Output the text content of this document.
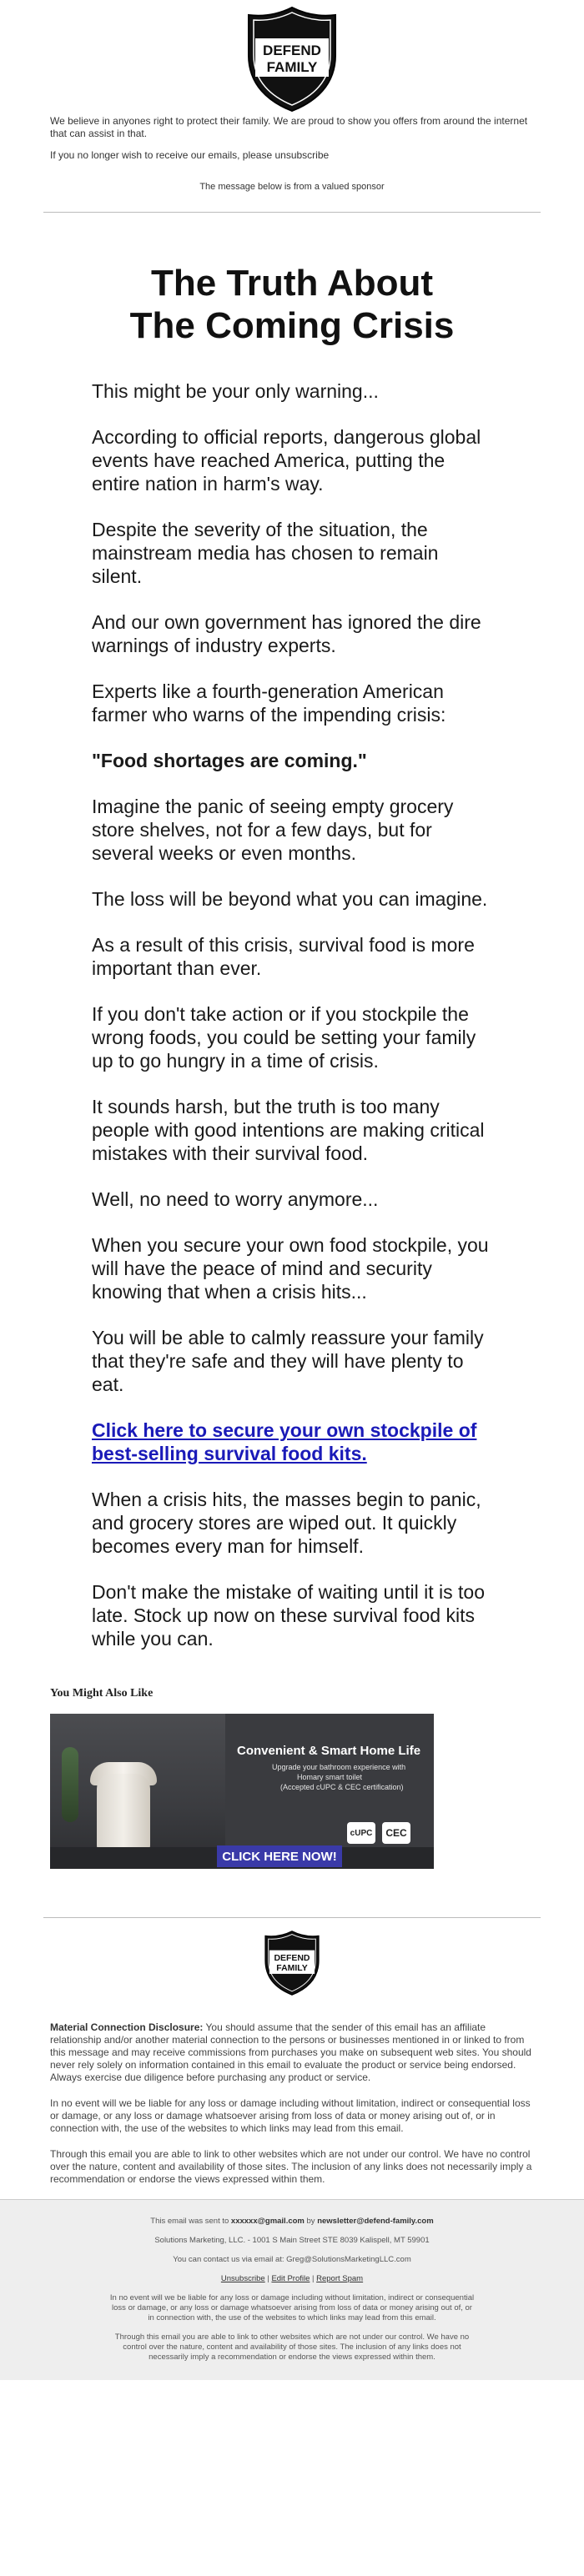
DEFEND
FAMILY

We believe in anyones right to protect their family. We are proud to show you offers from around the internet that can assist in that.

If you no longer wish to receive our emails, please unsubscribe

The message below is from a valued sponsor
The Truth About
The Coming Crisis

This might be your only warning...

According to official reports, dangerous global events have reached America, putting the entire nation in harm's way.

Despite the severity of the situation, the mainstream media has chosen to remain silent.

And our own government has ignored the dire warnings of industry experts.

Experts like a fourth-generation American farmer who warns of the impending crisis:

"Food shortages are coming."

Imagine the panic of seeing empty grocery store shelves, not for a few days, but for several weeks or even months.

The loss will be beyond what you can imagine.

As a result of this crisis, survival food is more important than ever.

If you don't take action or if you stockpile the wrong foods, you could be setting your family up to go hungry in a time of crisis.

It sounds harsh, but the truth is too many people with good intentions are making critical mistakes with their survival food.

Well, no need to worry anymore...

When you secure your own food stockpile, you will have the peace of mind and security knowing that when a crisis hits...

You will be able to calmly reassure your family that they're safe and they will have plenty to eat.

Click here to secure your own stockpile of best-selling survival food kits.

When a crisis hits, the masses begin to panic, and grocery stores are wiped out. It quickly becomes every man for himself.

Don't make the mistake of waiting until it is too late. Stock up now on these survival food kits while you can.

You Might Also Like
Convenient & Smart Home Life
Upgrade your bathroom experience with
Homary smart toilet
(Accepted cUPC & CEC certification)
cUPC	CEC
CLICK HERE NOW!
DEFEND
FAMILY

Material Connection Disclosure: You should assume that the sender of this email has an affiliate relationship and/or another material connection to the persons or businesses mentioned in or linked to from this message and may receive commissions from purchases you make on subsequent web sites. You should never rely solely on information contained in this email to evaluate the product or service being endorsed. Always exercise due diligence before purchasing any product or service.

In no event will we be liable for any loss or damage including without limitation, indirect or consequential loss or damage, or any loss or damage whatsoever arising from loss of data or money arising out of, or in connection with, the use of the websites to which links may lead from this email.

Through this email you are able to link to other websites which are not under our control. We have no control over the nature, content and availability of those sites. The inclusion of any links does not necessarily imply a recommendation or endorse the views expressed within them.

This email was sent to xxxxxx@gmail.com by newsletter@defend-family.com

Solutions Marketing, LLC. - 1001 S Main Street STE 8039 Kalispell, MT 59901

You can contact us via email at: Greg@SolutionsMarketingLLC.com

Unsubscribe | Edit Profile | Report Spam

In no event will we be liable for any loss or damage including without limitation, indirect or consequential loss or damage, or any loss or damage whatsoever arising from loss of data or money arising out of, or in connection with, the use of the websites to which links may lead from this email.

Through this email you are able to link to other websites which are not under our control. We have no control over the nature, content and availability of those sites. The inclusion of any links does not necessarily imply a recommendation or endorse the views expressed within them.
